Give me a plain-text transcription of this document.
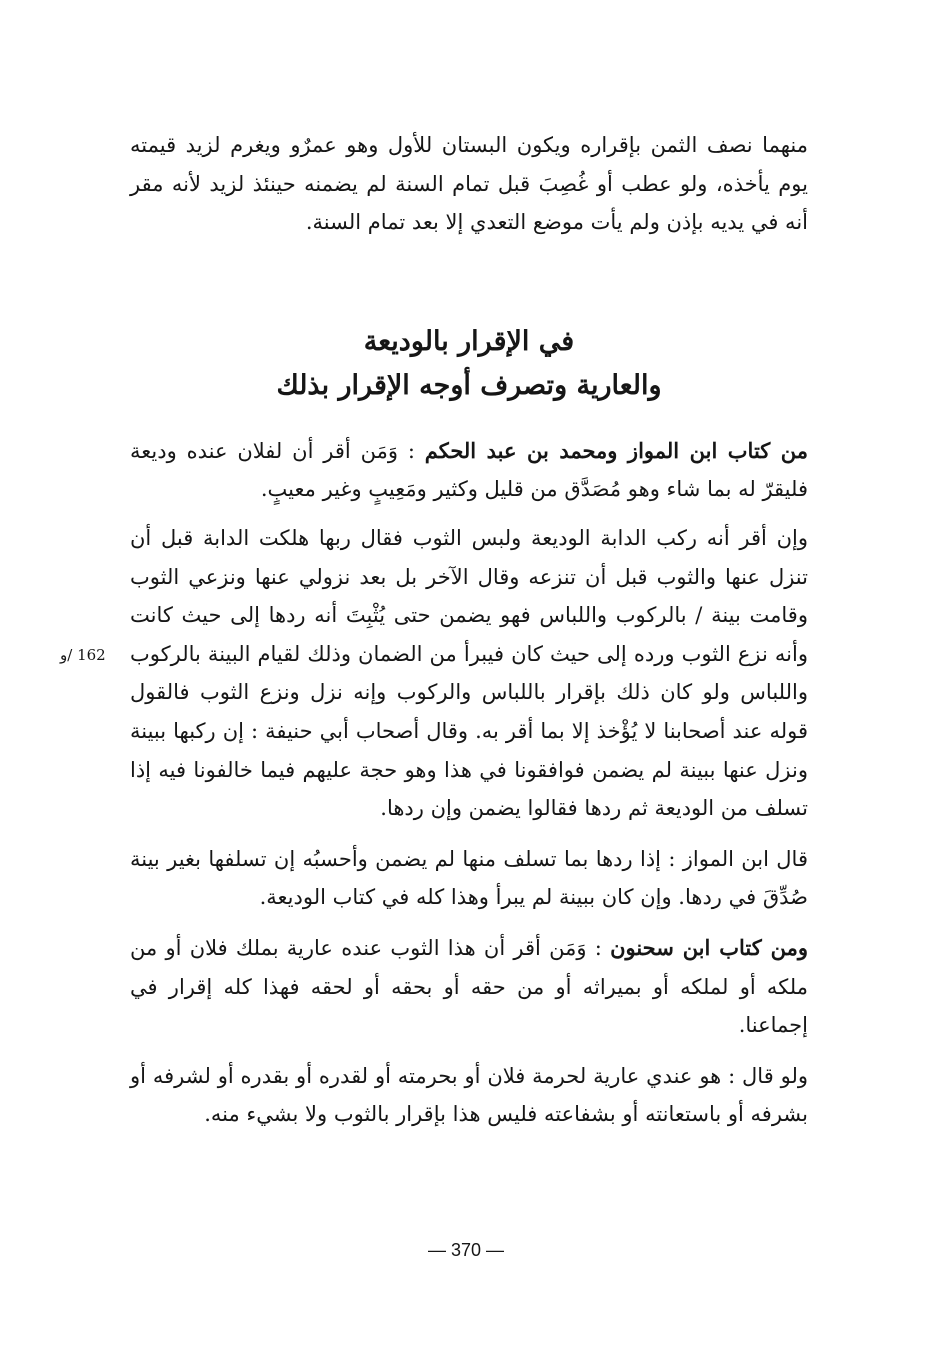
منهما نصف الثمن بإقراره ويكون البستان للأول وهو عمرٌو ويغرم لزيد قيمته يوم يأخذه، ولو عطب أو غُصِبَ قبل تمام السنة لم يضمنه حينئذ لزيد لأنه مقر أنه في يديه بإذن ولم يأت موضع التعدي إلا بعد تمام السنة.

في الإقرار بالوديعة
والعارية وتصرف أوجه الإقرار بذلك

من كتاب ابن المواز ومحمد بن عبد الحكم : وَمَن أقر أن لفلان عنده وديعة فليقرّ له بما شاء وهو مُصَدَّق من قليل وكثير ومَعِيبٍ وغير معيبٍ.

وإن أقر أنه ركب الدابة الوديعة ولبس الثوب فقال ربها هلكت الدابة قبل أن تنزل عنها والثوب قبل أن تنزعه وقال الآخر بل بعد نزولي عنها ونزعي الثوب وقامت بينة / بالركوب واللباس فهو يضمن حتى يُثْبِتَ أنه ردها إلى حيث كانت وأنه نزع الثوب ورده إلى حيث كان فيبرأ من الضمان وذلك لقيام البينة بالركوب واللباس ولو كان ذلك بإقرار باللباس والركوب وإنه نزل ونزع الثوب فالقول قوله عند أصحابنا لا يُؤْخذ إلا بما أقر به. وقال أصحاب أبي حنيفة : إن ركبها ببينة ونزل عنها ببينة لم يضمن فوافقونا في هذا وهو حجة عليهم فيما خالفونا فيه إذا تسلف من الوديعة ثم ردها فقالوا يضمن وإن ردها.

قال ابن المواز : إذا ردها بما تسلف منها لم يضمن وأحسبُه إن تسلفها بغير بينة صُدِّقَ في ردها. وإن كان ببينة لم يبرأ وهذا كله في كتاب الوديعة.

ومن كتاب ابن سحنون : وَمَن أقر أن هذا الثوب عنده عارية بملك فلان أو من ملكه أو لملكه أو بميراثه أو من حقه أو بحقه أو لحقه فهذا كله إقرار في إجماعنا.

ولو قال : هو عندي عارية لحرمة فلان أو بحرمته أو لقدره أو بقدره أو لشرفه أو بشرفه أو باستعانته أو بشفاعته فليس هذا بإقرار بالثوب ولا بشيء منه.

162 /و
— 370 —
